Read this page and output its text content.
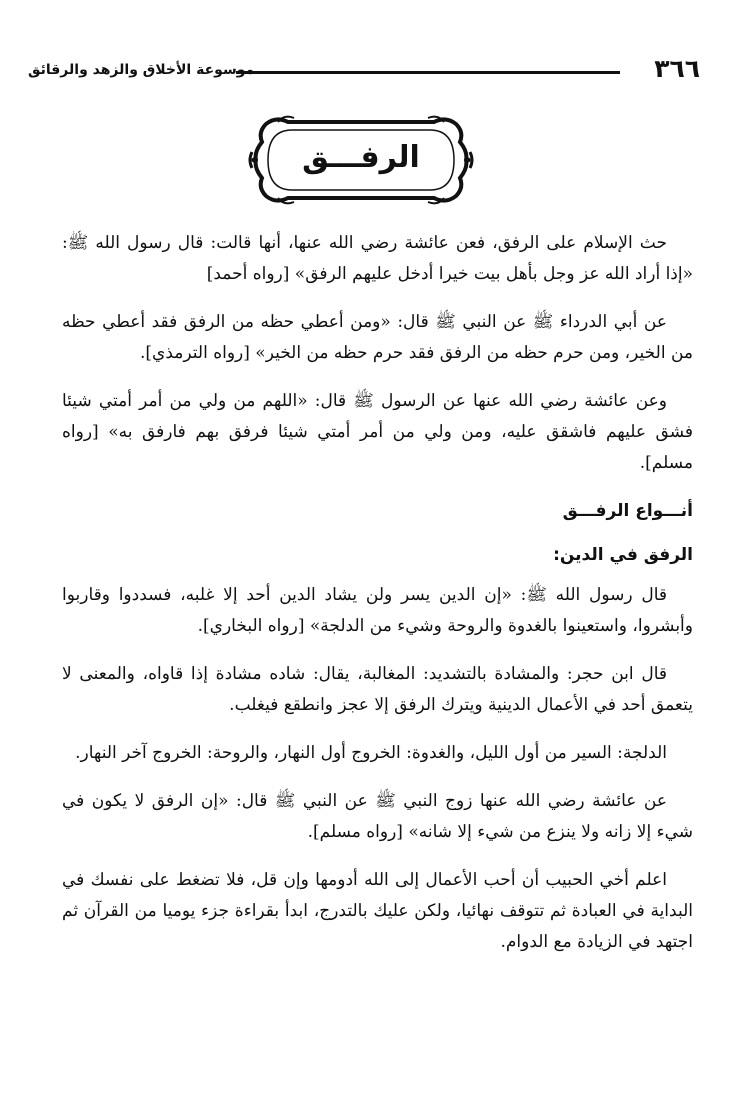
٣٦٦
موسوعة الأخلاق والزهد والرقائق
الرفـــق

حث الإسلام على الرفق، فعن عائشة رضي الله عنها، أنها قالت: قال رسول الله ﷺ: «إذا أراد الله عز وجل بأهل بيت خيرا أدخل عليهم الرفق» [رواه أحمد]

عن أبي الدرداء ﷺ عن النبي ﷺ قال: «ومن أعطي حظه من الرفق فقد أعطي حظه من الخير، ومن حرم حظه من الرفق فقد حرم حظه من الخير» [رواه الترمذي].

وعن عائشة رضي الله عنها عن الرسول ﷺ قال: «اللهم من ولي من أمر أمتي شيئا فشق عليهم فاشقق عليه، ومن ولي من أمر أمتي شيئا فرفق بهم فارفق به» [رواه مسلم].

أنـــواع الرفـــق
الرفق في الدين:

قال رسول الله ﷺ: «إن الدين يسر ولن يشاد الدين أحد إلا غلبه، فسددوا وقاربوا وأبشروا، واستعينوا بالغدوة والروحة وشيء من الدلجة» [رواه البخاري].

قال ابن حجر: والمشادة بالتشديد: المغالبة، يقال: شاده مشادة إذا قاواه، والمعنى لا يتعمق أحد في الأعمال الدينية ويترك الرفق إلا عجز وانطقع فيغلب.

الدلجة: السير من أول الليل، والغدوة: الخروج أول النهار، والروحة: الخروج آخر النهار.

عن عائشة رضي الله عنها زوج النبي ﷺ عن النبي ﷺ قال: «إن الرفق لا يكون في شيء إلا زانه ولا ينزع من شيء إلا شانه» [رواه مسلم].

اعلم أخي الحبيب أن أحب الأعمال إلى الله أدومها وإن قل، فلا تضغط على نفسك في البداية في العبادة ثم تتوقف نهائيا، ولكن عليك بالتدرج، ابدأ بقراءة جزء يوميا من القرآن ثم اجتهد في الزيادة مع الدوام.
